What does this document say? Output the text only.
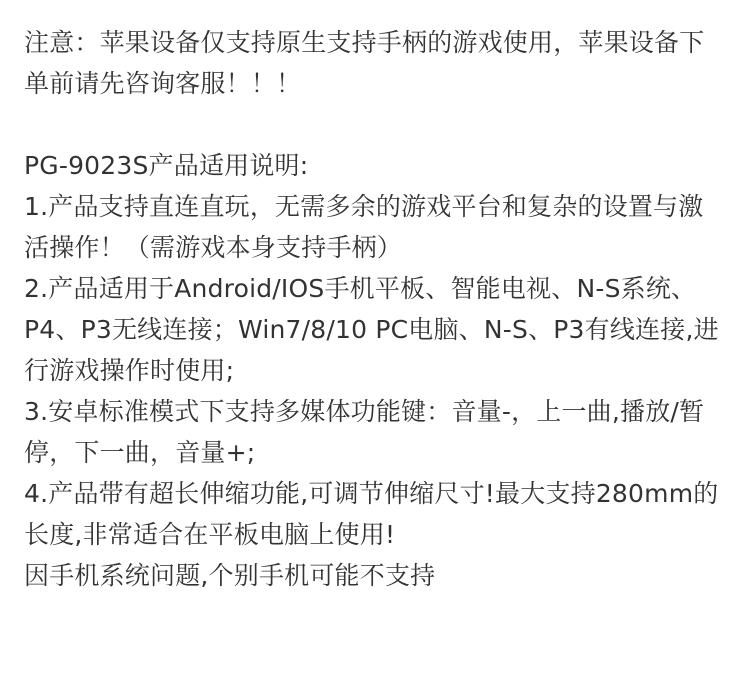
注意：苹果设备仅支持原生支持手柄的游戏使用，苹果设备下单前请先咨询客服！！！

PG-9023S产品适用说明:

1.产品支持直连直玩，无需多余的游戏平台和复杂的设置与激活操作！（需游戏本身支持手柄）

2.产品适用于Android/IOS手机平板、智能电视、N-S系统、P4、P3无线连接；Win7/8/10 PC电脑、N-S、P3有线连接,进行游戏操作时使用;

3.安卓标准模式下支持多媒体功能键：音量-，上一曲,播放/暂停，下一曲，音量+;

4.产品带有超长伸缩功能,可调节伸缩尺寸!最大支持280mm的长度,非常适合在平板电脑上使用!

因手机系统问题,个别手机可能不支持
